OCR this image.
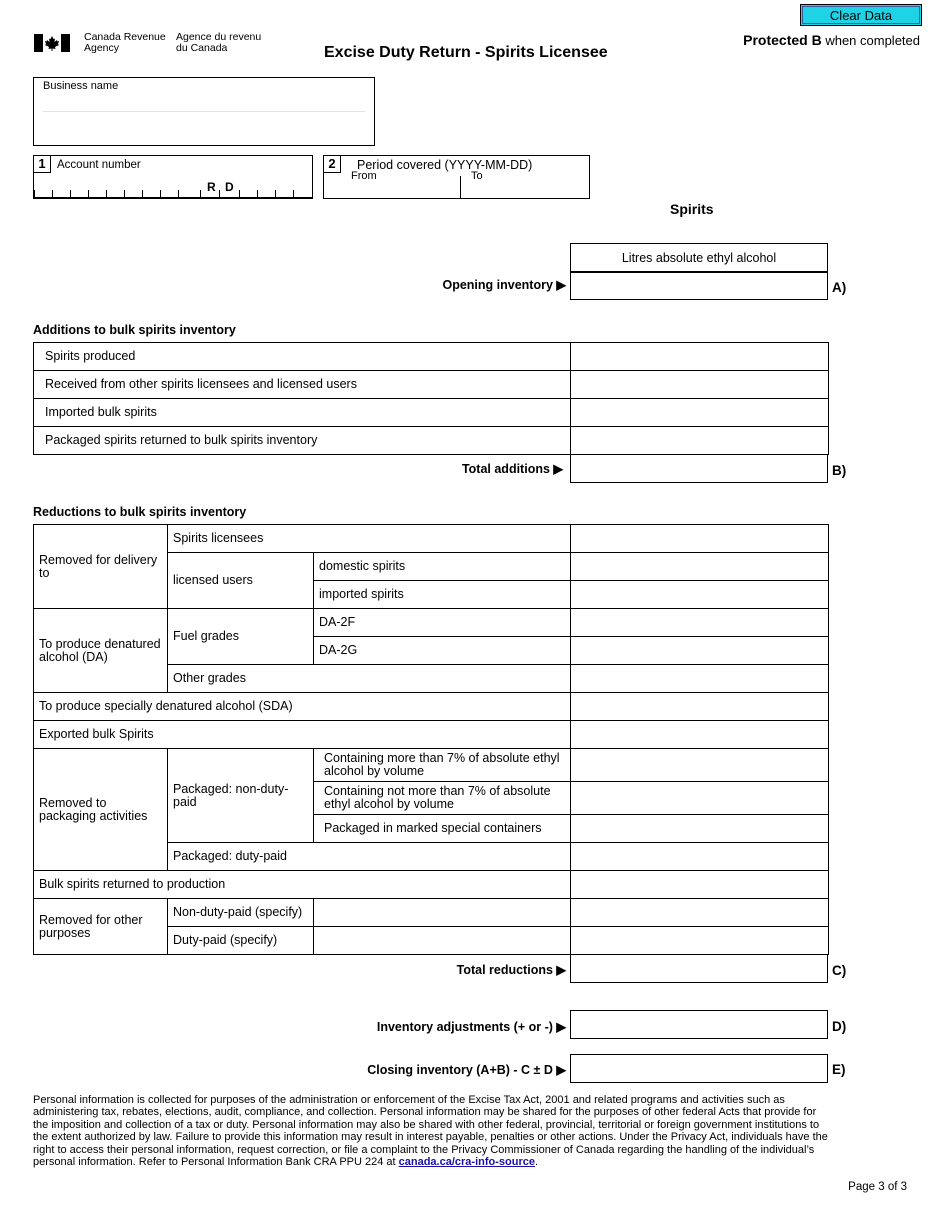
Clear Data
Canada Revenue
Agency
Agence du revenu
du Canada	Protected B when completed
Excise Duty Return - Spirits Licensee
Business name
1 Account number
R D
2	Period covered (YYYY-MM-DD)
From	To
Spirits
Litres absolute ethyl alcohol
Opening inventory ▶	A)
Additions to bulk spirits inventory
Spirits produced	
Received from other spirits licensees and licensed users	
Imported bulk spirits	
Packaged spirits returned to bulk spirits inventory	
Total additions ▶	B)
Reductions to bulk spirits inventory
Removed for delivery to	Spirits licensees	
	licensed users	domestic spirits	
		imported spirits	
To produce denatured alcohol (DA)	Fuel grades	DA-2F	
		DA-2G	
	Other grades	
To produce specially denatured alcohol (SDA)	
Exported bulk Spirits	
Removed to packaging activities	Packaged: non-duty-paid	Containing more than 7% of absolute ethyl alcohol by volume	
		Containing not more than 7% of absolute ethyl alcohol by volume	
		Packaged in marked special containers	
	Packaged: duty-paid	
Bulk spirits returned to production	
Removed for other purposes	Non-duty-paid (specify)		
	Duty-paid (specify)		
Total reductions ▶	C)
Inventory adjustments (+ or -) ▶	D)
Closing inventory (A+B) - C ± D ▶	E)
Personal information is collected for purposes of the administration or enforcement of the Excise Tax Act, 2001 and related programs and activities such as administering tax, rebates, elections, audit, compliance, and collection. Personal information may be shared for the purposes of other federal Acts that provide for the imposition and collection of a tax or duty. Personal information may also be shared with other federal, provincial, territorial or foreign government institutions to the extent authorized by law. Failure to provide this information may result in interest payable, penalties or other actions. Under the Privacy Act, individuals have the right to access their personal information, request correction, or file a complaint to the Privacy Commissioner of Canada regarding the handling of the individual’s personal information. Refer to Personal Information Bank CRA PPU 224 at canada.ca/cra-info-source.
Page 3 of 3
